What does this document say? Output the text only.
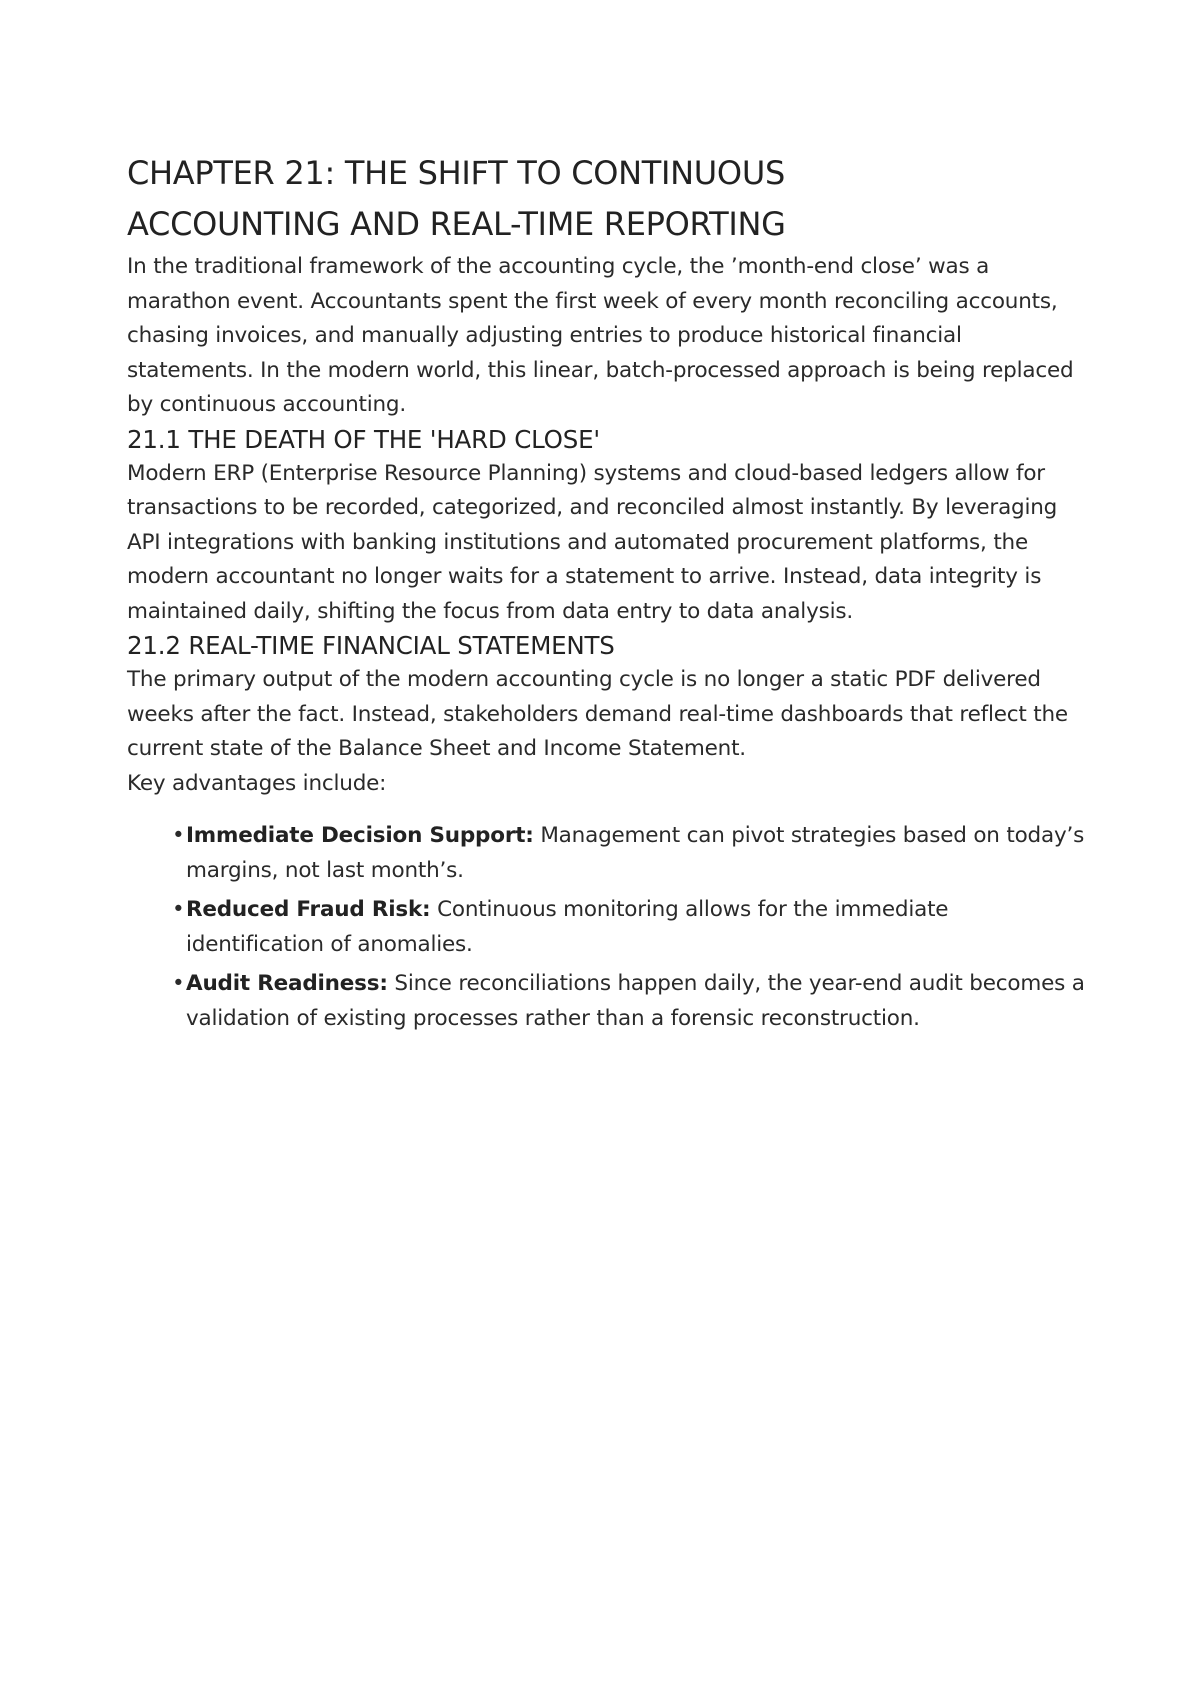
CHAPTER 21: THE SHIFT TO CONTINUOUS
ACCOUNTING AND REAL-TIME REPORTING

In the traditional framework of the accounting cycle, the ’month-end close’ was a marathon event. Accountants spent the first week of every month reconciling accounts, chasing invoices, and manually adjusting entries to produce historical financial statements. In the modern world, this linear, batch-processed approach is being replaced by continuous accounting.

21.1 THE DEATH OF THE 'HARD CLOSE'

Modern ERP (Enterprise Resource Planning) systems and cloud-based ledgers allow for transactions to be recorded, categorized, and reconciled almost instantly. By leveraging API integrations with banking institutions and automated procurement platforms, the modern accountant no longer waits for a statement to arrive. Instead, data integrity is maintained daily, shifting the focus from data entry to data analysis.

21.2 REAL-TIME FINANCIAL STATEMENTS

The primary output of the modern accounting cycle is no longer a static PDF delivered weeks after the fact. Instead, stakeholders demand real-time dashboards that reflect the current state of the Balance Sheet and Income Statement.
Key advantages include:

• Immediate Decision Support: Management can pivot strategies based on today’s margins, not last month’s.
• Reduced Fraud Risk: Continuous monitoring allows for the immediate identification of anomalies.
• Audit Readiness: Since reconciliations happen daily, the year-end audit becomes a validation of existing processes rather than a forensic reconstruction.
